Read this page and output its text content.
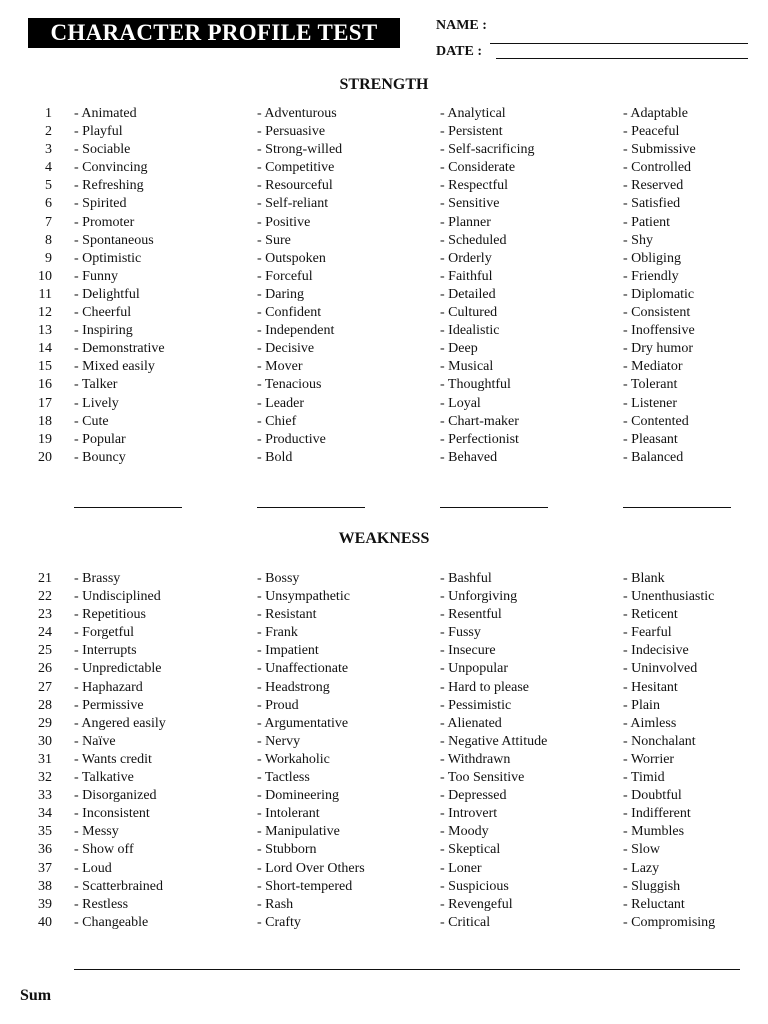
CHARACTER PROFILE TEST	NAME :
DATE :
STRENGTH
1 - Animated	- Adventurous	- Analytical	- Adaptable
2 - Playful	- Persuasive	- Persistent	- Peaceful
3 - Sociable	- Strong-willed	- Self-sacrificing	- Submissive
4 - Convincing	- Competitive	- Considerate	- Controlled
5 - Refreshing	- Resourceful	- Respectful	- Reserved
6 - Spirited	- Self-reliant	- Sensitive	- Satisfied
7 - Promoter	- Positive	- Planner	- Patient
8 - Spontaneous	- Sure	- Scheduled	- Shy
9 - Optimistic	- Outspoken	- Orderly	- Obliging
10 - Funny	- Forceful	- Faithful	- Friendly
11 - Delightful	- Daring	- Detailed	- Diplomatic
12 - Cheerful	- Confident	- Cultured	- Consistent
13 - Inspiring	- Independent	- Idealistic	- Inoffensive
14 - Demonstrative	- Decisive	- Deep	- Dry humor
15 - Mixed easily	- Mover	- Musical	- Mediator
16 - Talker	- Tenacious	- Thoughtful	- Tolerant
17 - Lively	- Leader	- Loyal	- Listener
18 - Cute	- Chief	- Chart-maker	- Contented
19 - Popular	- Productive	- Perfectionist	- Pleasant
20 - Bouncy	- Bold	- Behaved	- Balanced
WEAKNESS
21 - Brassy	- Bossy	- Bashful	- Blank
22 - Undisciplined	- Unsympathetic	- Unforgiving	- Unenthusiastic
23 - Repetitious	- Resistant	- Resentful	- Reticent
24 - Forgetful	- Frank	- Fussy	- Fearful
25 - Interrupts	- Impatient	- Insecure	- Indecisive
26 - Unpredictable	- Unaffectionate	- Unpopular	- Uninvolved
27 - Haphazard	- Headstrong	- Hard to please	- Hesitant
28 - Permissive	- Proud	- Pessimistic	- Plain
29 - Angered easily	- Argumentative	- Alienated	- Aimless
30 - Naïve	- Nervy	- Negative Attitude	- Nonchalant
31 - Wants credit	- Workaholic	- Withdrawn	- Worrier
32 - Talkative	- Tactless	- Too Sensitive	- Timid
33 - Disorganized	- Domineering	- Depressed	- Doubtful
34 - Inconsistent	- Intolerant	- Introvert	- Indifferent
35 - Messy	- Manipulative	- Moody	- Mumbles
36 - Show off	- Stubborn	- Skeptical	- Slow
37 - Loud	- Lord Over Others	- Loner	- Lazy
38 - Scatterbrained	- Short-tempered	- Suspicious	- Sluggish
39 - Restless	- Rash	- Revengeful	- Reluctant
40 - Changeable	- Crafty	- Critical	- Compromising
Sum
